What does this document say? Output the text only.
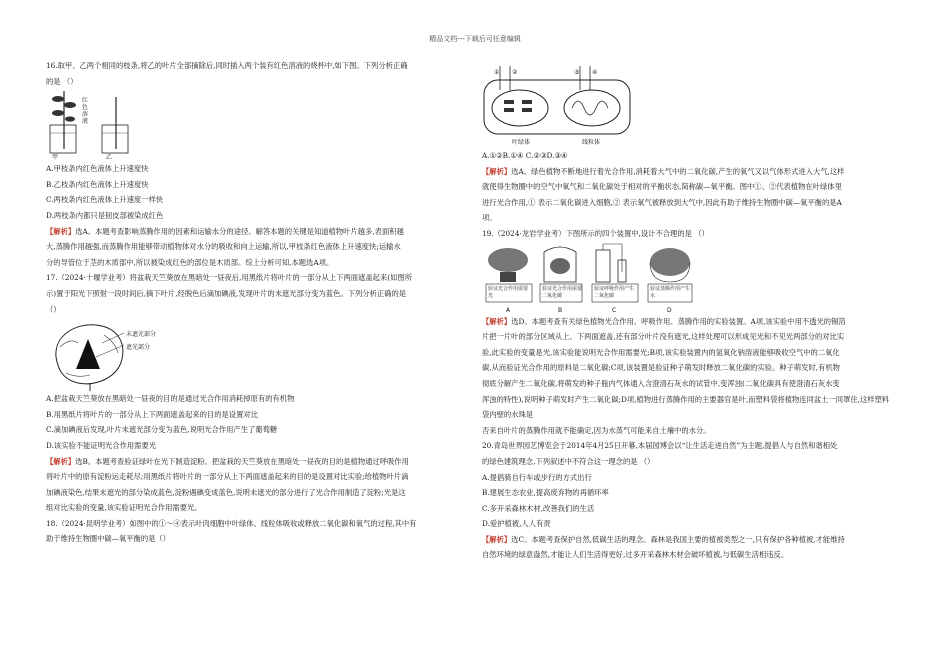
精品文档---下载后可任意编辑

16.取甲、乙两个相同的枝条,将乙的叶片全部摘除后,同时插入两个装有红色溶液的烧杯中,如下图。下列分析正确

的是 （）

甲	乙
红色溶液

A.甲枝条内红色液体上升速度快

B.乙枝条内红色液体上升速度快

C.两枝条内红色液体上升速度一样快

D.两枝条内都只是韧皮部被染成红色

【解析】选A。本题考查影响蒸腾作用的因素和运输水分的途径。解答本题的关键是知道植物叶片越多,表面积越

大,蒸腾作用越强,而蒸腾作用能够带动植物体对水分的吸收和向上运输,所以,甲枝条红色液体上升速度快;运输水

分的导管位于茎的木质部中,所以被染成红色的部位是木质部。综上分析可知,本题选A项。

17.（2024·十堰学业考）将盆栽天竺葵放在黑暗处一昼夜后,用黑纸片将叶片的一部分从上下两面遮盖起来(如图所

示)置于阳光下照射一段时间后,摘下叶片,经脱色后滴加碘液,发现叶片的未遮光部分变为蓝色。下列分析正确的是

（）

未遮光部分
遮光部分

A.把盆栽天竺葵放在黑暗处一昼夜的目的是通过光合作用消耗掉原有的有机物

B.用黑纸片将叶片的一部分从上下两面遮盖起来的目的是设置对比

C.滴加碘液后发现,叶片未遮光部分变为蓝色,说明光合作用产生了葡萄糖

D.该实验不能证明光合作用需要光

【解析】选B。本题考查验证绿叶在光下制造淀粉。把盆栽的天竺葵放在黑暗处一昼夜的目的是植物通过呼吸作用

将叶片中的原有淀粉运走耗尽;用黑纸片将叶片的一部分从上下两面遮盖起来的目的是设置对比实验;给植物叶片滴

加碘液染色,结果未遮光的部分染成蓝色,淀粉遇碘变成蓝色,说明未遮光的部分进行了光合作用制造了淀粉;光是这

组对比实验的变量,该实验证明光合作用需要光。

18.（2024·昆明学业考）如图中的①～④表示叶肉细胞中叶绿体、线粒体吸收或释放二氧化碳和氧气的过程,其中有

助于维持生物圈中碳—氧平衡的是（）

① ②	③ ④
叶绿体	线粒体

A.①②B.①④ C.②③D.③④

【解析】选A。绿色植物不断地进行着光合作用,消耗着大气中的二氧化碳,产生的氧气又以气体形式进入大气,这样

就使得生物圈中的空气中氧气和二氧化碳处于相对的平衡状态,简称碳—氧平衡。图中①、②代表植物在叶绿体里

进行光合作用,① 表示二氧化碳进入细胞,② 表示氧气被释放到大气中,因此有助于维持生物圈中碳—氧平衡的是A

项。

19.（2024·龙岩学业考）下图所示的四个装置中,设计不合理的是 （）

A	B	C	D
验证光合作用需要光
验证光合作用需要二氧化碳
验证呼吸作用产生二氧化碳
验证蒸腾作用产生水

【解析】选D。本题考查有关绿色植物光合作用、呼吸作用、蒸腾作用的实验装置。A项,该实验中用不透光的锡箔

片把一片叶的部分区域从上、下两面遮盖,还有部分叶片没有遮光,这样处理可以形成见光和不见光两部分的对比实

验,此实验的变量是光,该实验能说明光合作用需要光;B项,该实验装置内的氢氧化钠溶液能够吸收空气中的二氧化

碳,从而验证光合作用的原料是二氧化碳;C项,该装置是验证种子萌发时释放二氧化碳的实验。种子萌发时,有机物

彻底分解产生二氧化碳,将萌发的种子瓶内气体通入含澄清石灰水的试管中,变浑浊(二氧化碳具有使澄清石灰水变

浑浊的特性),说明种子萌发时产生二氧化碳;D项,植物进行蒸腾作用的主要器官是叶,而塑料袋将植物连同盆土一同罩住,这样塑料袋内壁的水珠是

否来自叶片的蒸腾作用就不能确定,因为水蒸气可能来自土壤中的水分。

20.青岛世界园艺博览会于2014年4月25日开幕,本届园博会以“让生活走进自然”为主题,提倡人与自然和谐相处

的绿色建筑理念,下列叙述中不符合这一理念的是 （）

A.提倡骑自行车或步行的方式出行

B.建展生态农业,提高废弃物的再循环率

C.多开采森林木材,改善我们的生活

D.爱护植被,人人有责

【解析】选C。本题考查保护自然,低碳生活的理念。森林是我国主要的植被类型之一,只有保护各种植被,才能维持

自然环境的绿意盎然,才能让人们生活得更好,过多开采森林木材会破坏植被,与低碳生活相违反。
